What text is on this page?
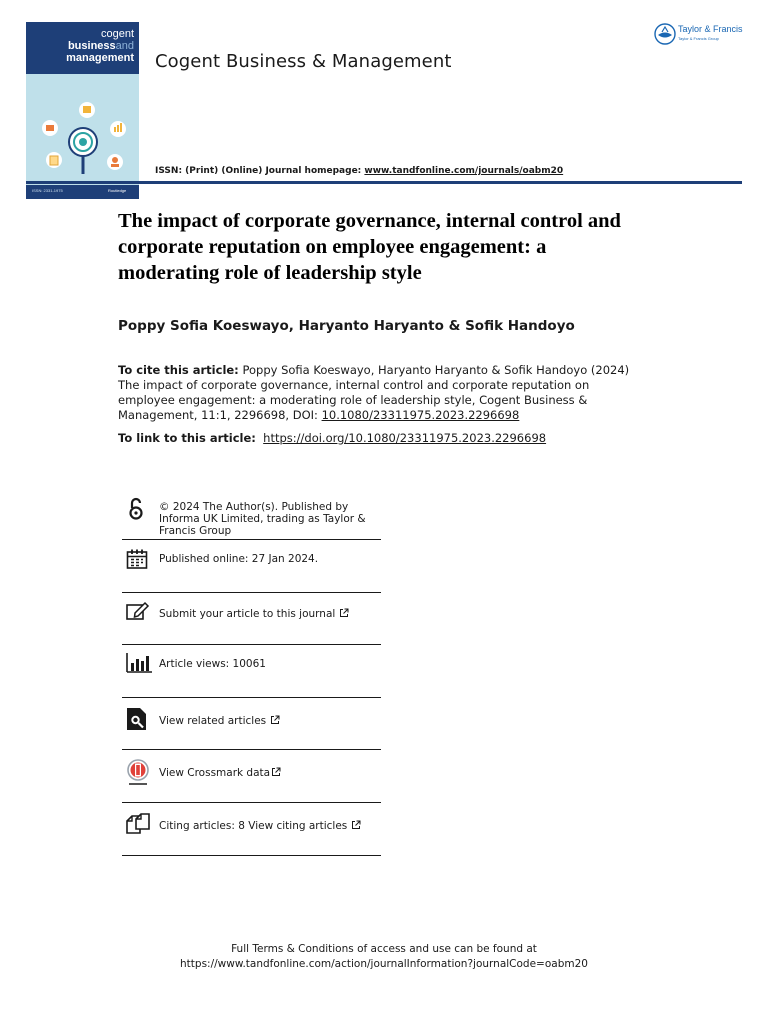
cogent
businessand
management
ISSN: 2331-1975	Routledge
Cogent Business & Management
Taylor & Francis
Taylor & Francis Group
ISSN: (Print) (Online) Journal homepage: www.tandfonline.com/journals/oabm20
The impact of corporate governance, internal control and corporate reputation on employee engagement: a moderating role of leadership style
Poppy Sofia Koeswayo, Haryanto Haryanto & Sofik Handoyo
To cite this article: Poppy Sofia Koeswayo, Haryanto Haryanto & Sofik Handoyo (2024) The impact of corporate governance, internal control and corporate reputation on employee engagement: a moderating role of leadership style, Cogent Business & Management, 11:1, 2296698, DOI: 10.1080/23311975.2023.2296698
To link to this article: https://doi.org/10.1080/23311975.2023.2296698
© 2024 The Author(s). Published by Informa UK Limited, trading as Taylor & Francis Group
Published online: 27 Jan 2024.
Submit your article to this journal
Article views: 10061
View related articles
View Crossmark data
Citing articles: 8 View citing articles
Full Terms & Conditions of access and use can be found at
https://www.tandfonline.com/action/journalInformation?journalCode=oabm20
